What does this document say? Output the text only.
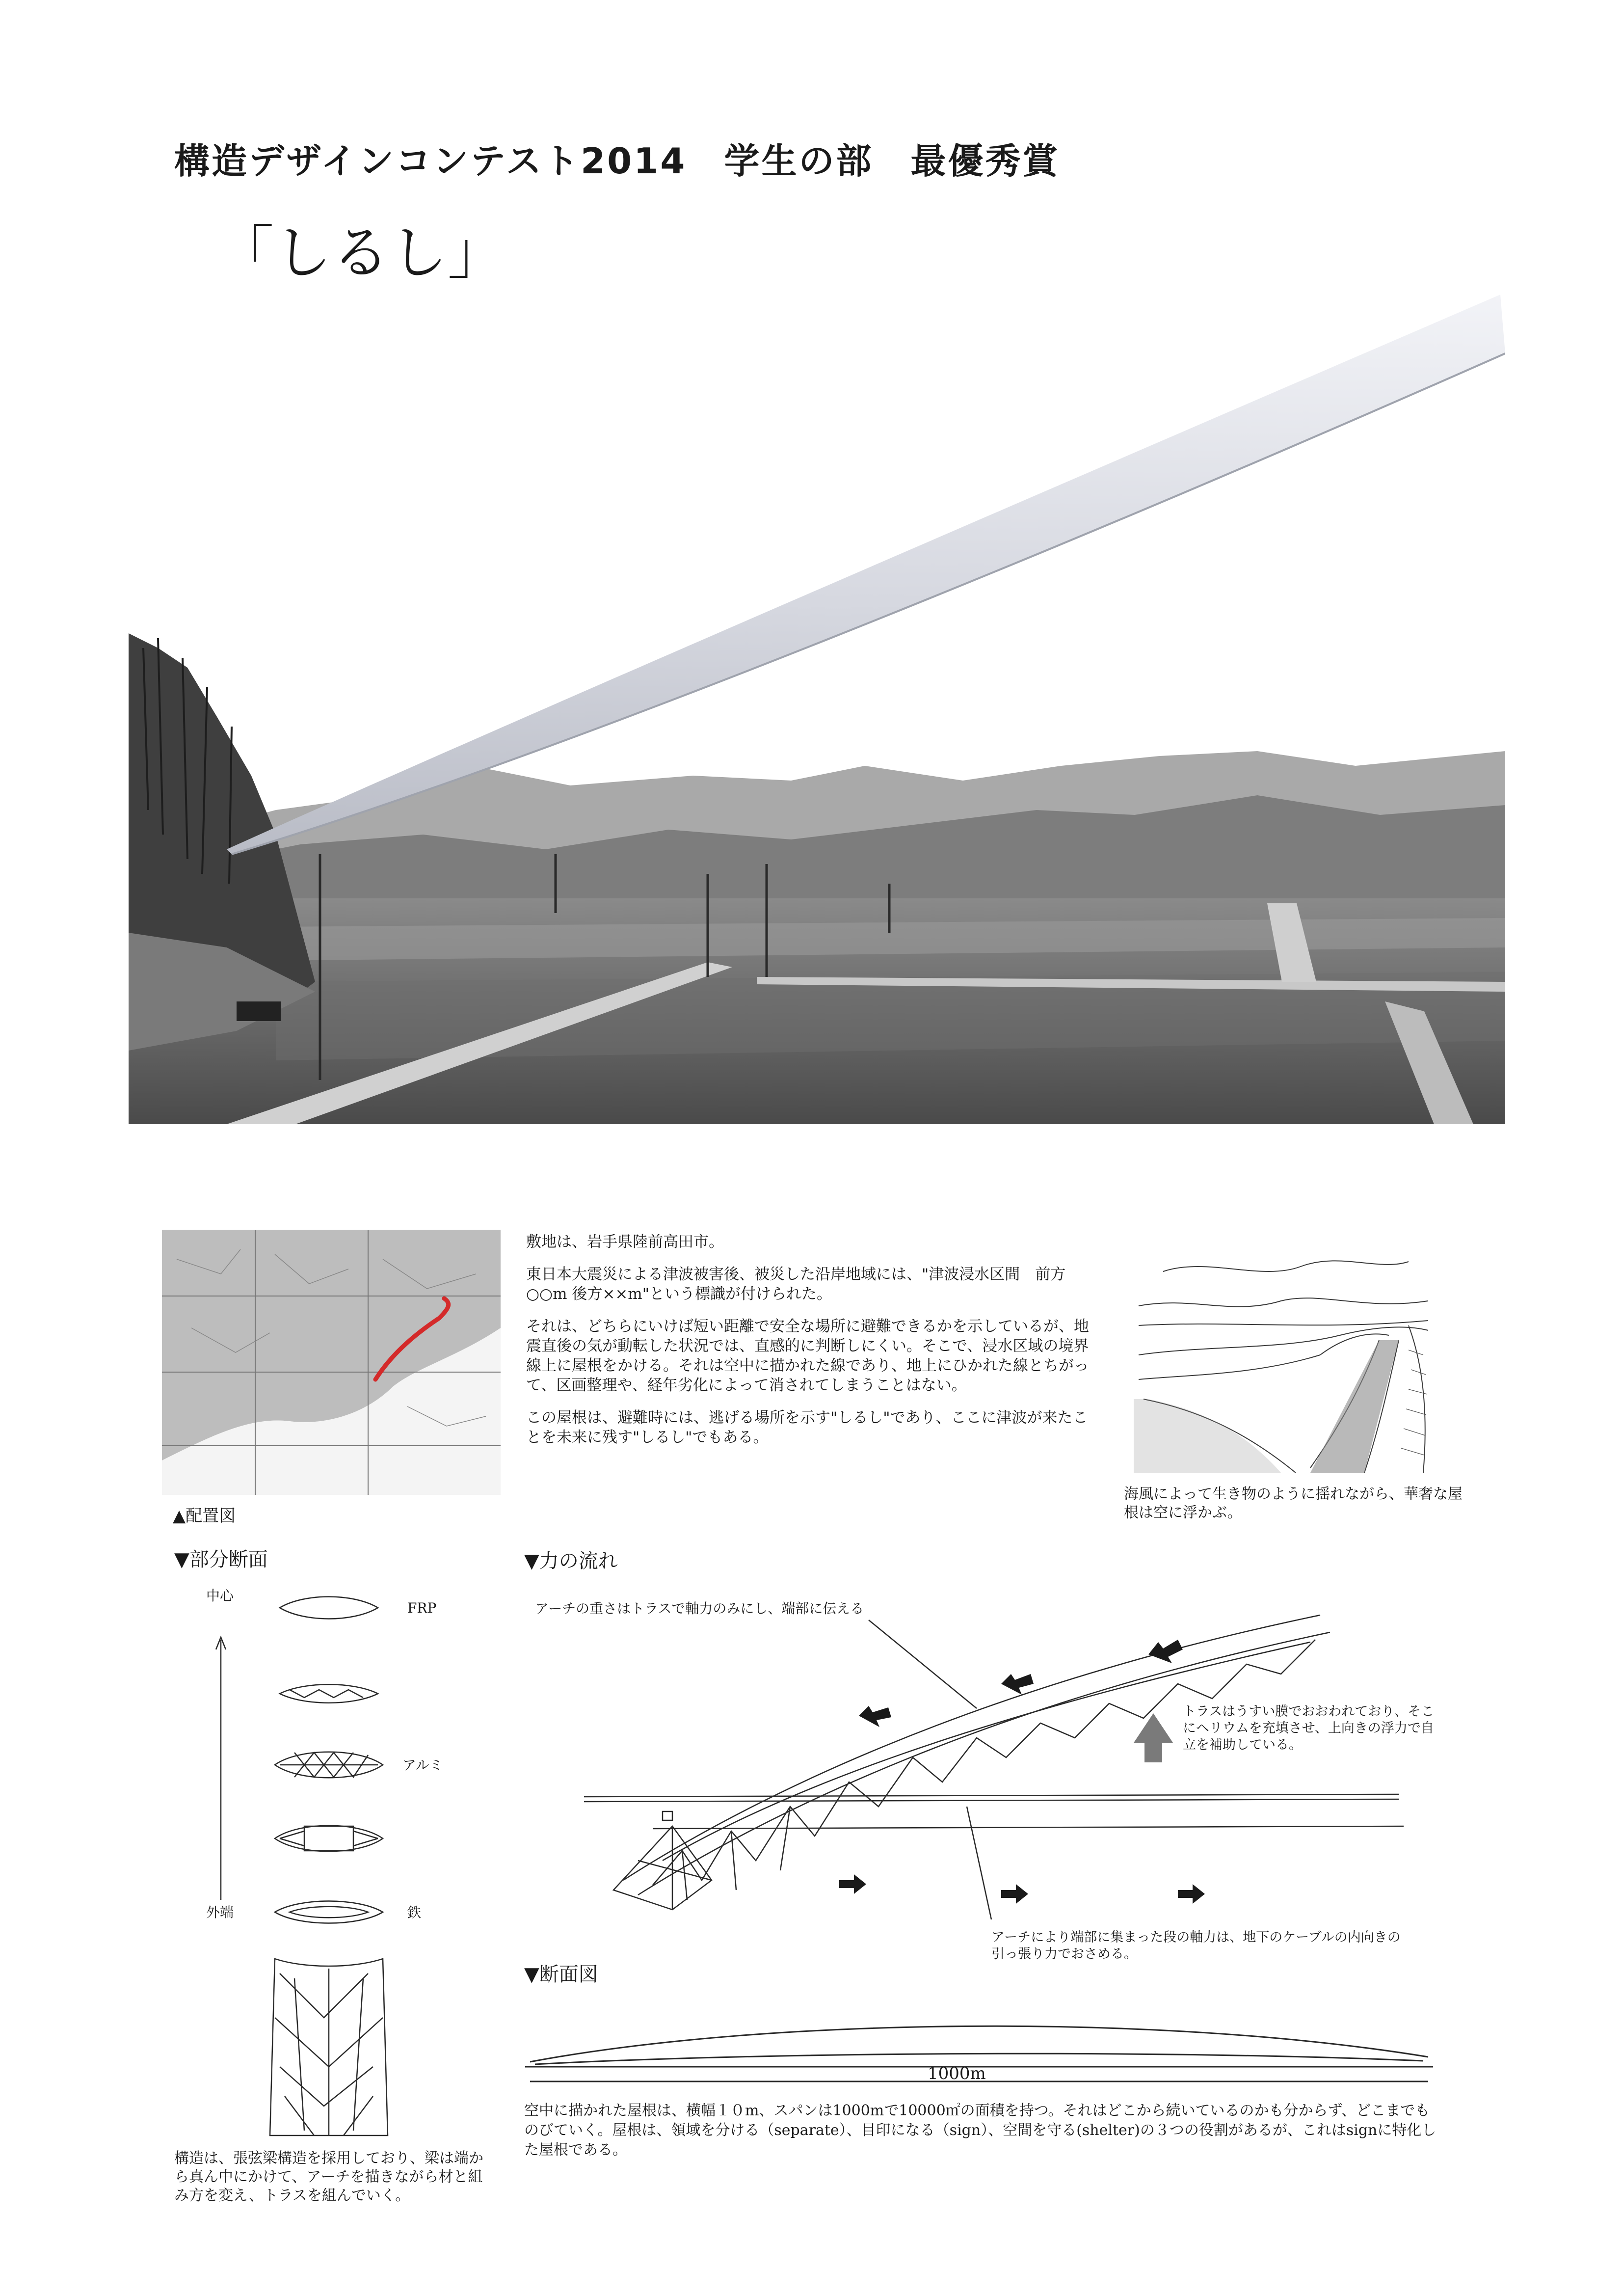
構造デザインコンテスト2014　学生の部　最優秀賞
「しるし」
▲配置図

敷地は、岩手県陸前高田市。

東日本大震災による津波被害後、被災した沿岸地域には、"津波浸水区間　前方○○m 後方××m"という標識が付けられた。

それは、どちらにいけば短い距離で安全な場所に避難できるかを示しているが、地震直後の気が動転した状況では、直感的に判断しにくい。そこで、浸水区域の境界線上に屋根をかける。それは空中に描かれた線であり、地上にひかれた線とちがって、区画整理や、経年劣化によって消されてしまうことはない。

この屋根は、避難時には、逃げる場所を示す"しるし"であり、ここに津波が来たことを未来に残す"しるし"でもある。

海風によって生き物のように揺れながら、華奢な屋根は空に浮かぶ。
▼部分断面
中心
FRP
アルミ
外端	鉄
構造は、張弦梁構造を採用しており、梁は端から真ん中にかけて、アーチを描きながら材と組み方を変え、トラスを組んでいく。
▼力の流れ
アーチの重さはトラスで軸力のみにし、端部に伝える
トラスはうすい膜でおおわれており、そこにヘリウムを充填させ、上向きの浮力で自立を補助している。
アーチにより端部に集まった段の軸力は、地下のケーブルの内向きの引っ張り力でおさめる。
▼断面図
1000m
空中に描かれた屋根は、横幅１０m、スパンは1000mで10000㎡の面積を持つ。それはどこから続いているのかも分からず、どこまでものびていく。屋根は、領域を分ける（separate）、目印になる（sign）、空間を守る(shelter)の３つの役割があるが、これはsignに特化した屋根である。
